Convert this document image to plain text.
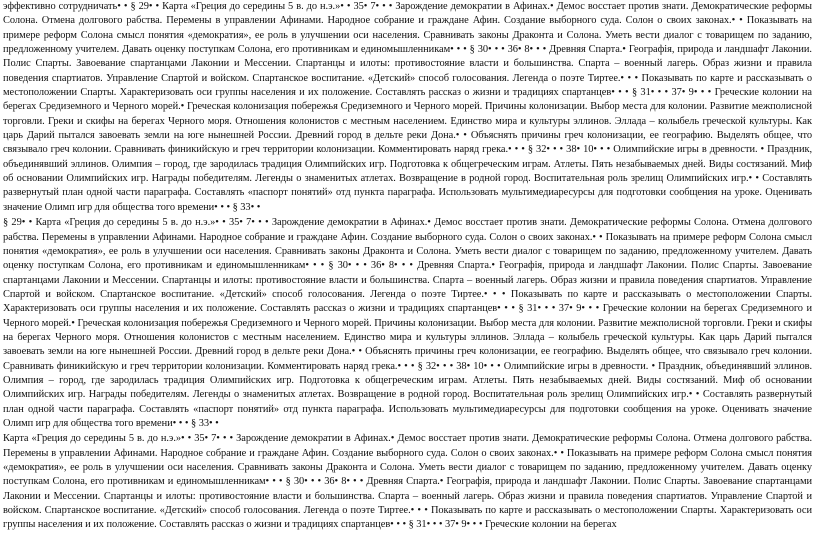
эффективно сотрудничать• • § 29• • Карта «Греция до середины 5 в. до н.э.»• • 35• 7• • • Зарождение демократии в Афинах.• Демос восстает против знати. Демократические реформы Солона. Отмена долгового рабства. Перемены в управлении Афинами. Народное собрание и граждане Афин. Создание выборного суда. Солон о своих законах.• • Показывать на примере реформ Солона смысл понятия «демократия», ее роль в улучшении оси населения. Сравнивать законы Драконта и Солона. Уметь вести диалог с товарищем по заданию, предложенному учителем. Давать оценку поступкам Солона, его противникам и единомышленникам• • • § 30• • • 36• 8• • • Древняя Спарта.• Географія, природа и ландшафт Лаконии. Полис Спарты. Завоевание спартанцами Лаконии и Мессении. Спартанцы и илоты: противостояние власти и большинства. Спарта – военный лагерь. Образ жизни и правила поведения спартиатов. Управление Спартой и войском. Спартанское воспитание. «Детский» способ голосования. Легенда о поэте Тиртее.• • • Показывать по карте и рассказывать о местоположении Спарты. Характеризовать оси группы населения и их положение. Составлять рассказ о жизни и традициях спартанцев• • • § 31• • • 37• 9• • • Греческие колонии на берегах Средиземного и Черного морей.• Греческая колонизация побережья Средиземного и Черного морей. Причины колонизации. Выбор места для колонии. Развитие межполисной торговли. Греки и скифы на берегах Черного моря. Отношения колонистов с местным населением. Единство мира и культуры эллинов. Эллада – колыбель греческой культуры. Как царь Дарий пытался завоевать земли на юге нынешней России. Древний город в дельте реки Дона.• • Объяснять причины греч колонизации, ее географию. Выделять общее, что связывало греч колонии. Сравнивать финикийскую и греч территории колонизации. Комментировать наряд грека.• • • § 32• • • 38• 10• • • Олимпийские игры в древности. • Праздник, объединявший эллинов. Олимпия – город, где зародилась традиция Олимпийских игр. Подготовка к общегреческим играм. Атлеты. Пять незабываемых дней. Виды состязаний. Миф об основании Олимпийских игр. Награды победителям. Легенды о знаменитых атлетах. Возвращение в родной город. Воспитательная роль зрелищ Олимпийских игр.• • Составлять развернутый план одной части параграфа. Составлять «паспорт понятий» отд пункта параграфа. Использовать мультимедиаресурсы для подготовки сообщения на уроке. Оценивать значение Олимп игр для общества того времени• • • § 33• •

§ 29• • Карта «Греция до середины 5 в. до н.э.»• • 35• 7• • • Зарождение демократии в Афинах.• Демос восстает против знати. Демократические реформы Солона. Отмена долгового рабства. Перемены в управлении Афинами. Народное собрание и граждане Афин. Создание выборного суда. Солон о своих законах.• • Показывать на примере реформ Солона смысл понятия «демократия», ее роль в улучшении оси населения. Сравнивать законы Драконта и Солона. Уметь вести диалог с товарищем по заданию, предложенному учителем. Давать оценку поступкам Солона, его противникам и единомышленникам• • • § 30• • • 36• 8• • • Древняя Спарта.• Географія, природа и ландшафт Лаконии. Полис Спарты. Завоевание спартанцами Лаконии и Мессении. Спартанцы и илоты: противостояние власти и большинства. Спарта – военный лагерь. Образ жизни и правила поведения спартиатов. Управление Спартой и войском. Спартанское воспитание. «Детский» способ голосования. Легенда о поэте Тиртее.• • • Показывать по карте и рассказывать о местоположении Спарты. Характеризовать оси группы населения и их положение. Составлять рассказ о жизни и традициях спартанцев• • • § 31• • • 37• 9• • • Греческие колонии на берегах Средиземного и Черного морей.• Греческая колонизация побережья Средиземного и Черного морей. Причины колонизации. Выбор места для колонии. Развитие межполисной торговли. Греки и скифы на берегах Черного моря. Отношения колонистов с местным населением. Единство мира и культуры эллинов. Эллада – колыбель греческой культуры. Как царь Дарий пытался завоевать земли на юге нынешней России. Древний город в дельте реки Дона.• • Объяснять причины греч колонизации, ее географию. Выделять общее, что связывало греч колонии. Сравнивать финикийскую и греч территории колонизации. Комментировать наряд грека.• • • § 32• • • 38• 10• • • Олимпийские игры в древности. • Праздник, объединявший эллинов. Олимпия – город, где зародилась традиция Олимпийских игр. Подготовка к общегреческим играм. Атлеты. Пять незабываемых дней. Виды состязаний. Миф об основании Олимпийских игр. Награды победителям. Легенды о знаменитых атлетах. Возвращение в родной город. Воспитательная роль зрелищ Олимпийских игр.• • Составлять развернутый план одной части параграфа. Составлять «паспорт понятий» отд пункта параграфа. Использовать мультимедиаресурсы для подготовки сообщения на уроке. Оценивать значение Олимп игр для общества того времени• • • § 33• •

Карта «Греция до середины 5 в. до н.э.»• • 35• 7• • • Зарождение демократии в Афинах.• Демос восстает против знати. Демократические реформы Солона. Отмена долгового рабства. Перемены в управлении Афинами. Народное собрание и граждане Афин. Создание выборного суда. Солон о своих законах.• • Показывать на примере реформ Солона смысл понятия «демократия», ее роль в улучшении оси населения. Сравнивать законы Драконта и Солона. Уметь вести диалог с товарищем по заданию, предложенному учителем. Давать оценку поступкам Солона, его противникам и единомышленникам• • • § 30• • • 36• 8• • • Древняя Спарта.• Географія, природа и ландшафт Лаконии. Полис Спарты. Завоевание спартанцами Лаконии и Мессении. Спартанцы и илоты: противостояние власти и большинства. Спарта – военный лагерь. Образ жизни и правила поведения спартиатов. Управление Спартой и войском. Спартанское воспитание. «Детский» способ голосования. Легенда о поэте Тиртее.• • • Показывать по карте и рассказывать о местоположении Спарты. Характеризовать оси группы населения и их положение. Составлять рассказ о жизни и традициях спартанцев• • • § 31• • • 37• 9• • • Греческие колонии на берегах
